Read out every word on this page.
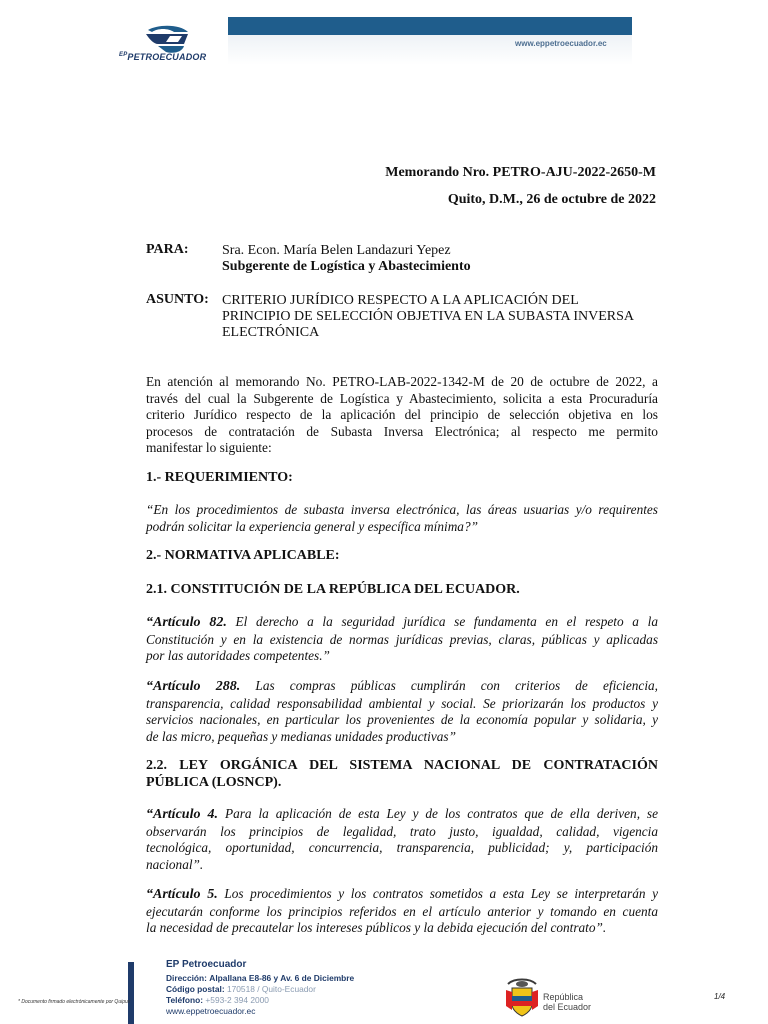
www.eppetroecuador.ec
$^{EP}$PETROECUADOR
Memorando Nro. PETRO-AJU-2022-2650-M
Quito, D.M., 26 de octubre de 2022
PARA: Sra. Econ. María Belen Landazuri Yepez
Subgerente de Logística y Abastecimiento
ASUNTO: CRITERIO JURÍDICO RESPECTO A LA APLICACIÓN DEL
PRINCIPIO DE SELECCIÓN OBJETIVA EN LA SUBASTA INVERSA
ELECTRÓNICA
En atención al memorando No. PETRO-LAB-2022-1342-M de 20 de octubre de 2022, a
través del cual la Subgerente de Logística y Abastecimiento, solicita a esta Procuraduría
criterio Jurídico respecto de la aplicación del principio de selección objetiva en los
procesos de contratación de Subasta Inversa Electrónica; al respecto me permito
manifestar lo siguiente:
1.- REQUERIMIENTO:
“En los procedimientos de subasta inversa electrónica, las áreas usuarias y/o requirentes
podrán solicitar la experiencia general y específica mínima?”
2.- NORMATIVA APLICABLE:
2.1. CONSTITUCIÓN DE LA REPÚBLICA DEL ECUADOR.
“Artículo 82. El derecho a la seguridad jurídica se fundamenta en el respeto a la
Constitución y en la existencia de normas jurídicas previas, claras, públicas y aplicadas
por las autoridades competentes.”
“Artículo 288. Las compras públicas cumplirán con criterios de eficiencia,
transparencia, calidad responsabilidad ambiental y social. Se priorizarán los productos y
servicios nacionales, en particular los provenientes de la economía popular y solidaria, y
de las micro, pequeñas y medianas unidades productivas”
2.2. LEY ORGÁNICA DEL SISTEMA NACIONAL DE CONTRATACIÓN
PÚBLICA (LOSNCP).
“Artículo 4. Para la aplicación de esta Ley y de los contratos que de ella deriven, se
observarán los principios de legalidad, trato justo, igualdad, calidad, vigencia
tecnológica, oportunidad, concurrencia, transparencia, publicidad; y, participación
nacional”.
“Artículo 5. Los procedimientos y los contratos sometidos a esta Ley se interpretarán y
ejecutarán conforme los principios referidos en el artículo anterior y tomando en cuenta
la necesidad de precautelar los intereses públicos y la debida ejecución del contrato”.
EP Petroecuador
Dirección: Alpallana E8-86 y Av. 6 de Diciembre
Código postal: 170518 / Quito-Ecuador
Teléfono: +593-2 394 2000
www.eppetroecuador.ec
* Documento firmado electrónicamente por Quipux	República
del Ecuador
1/4
